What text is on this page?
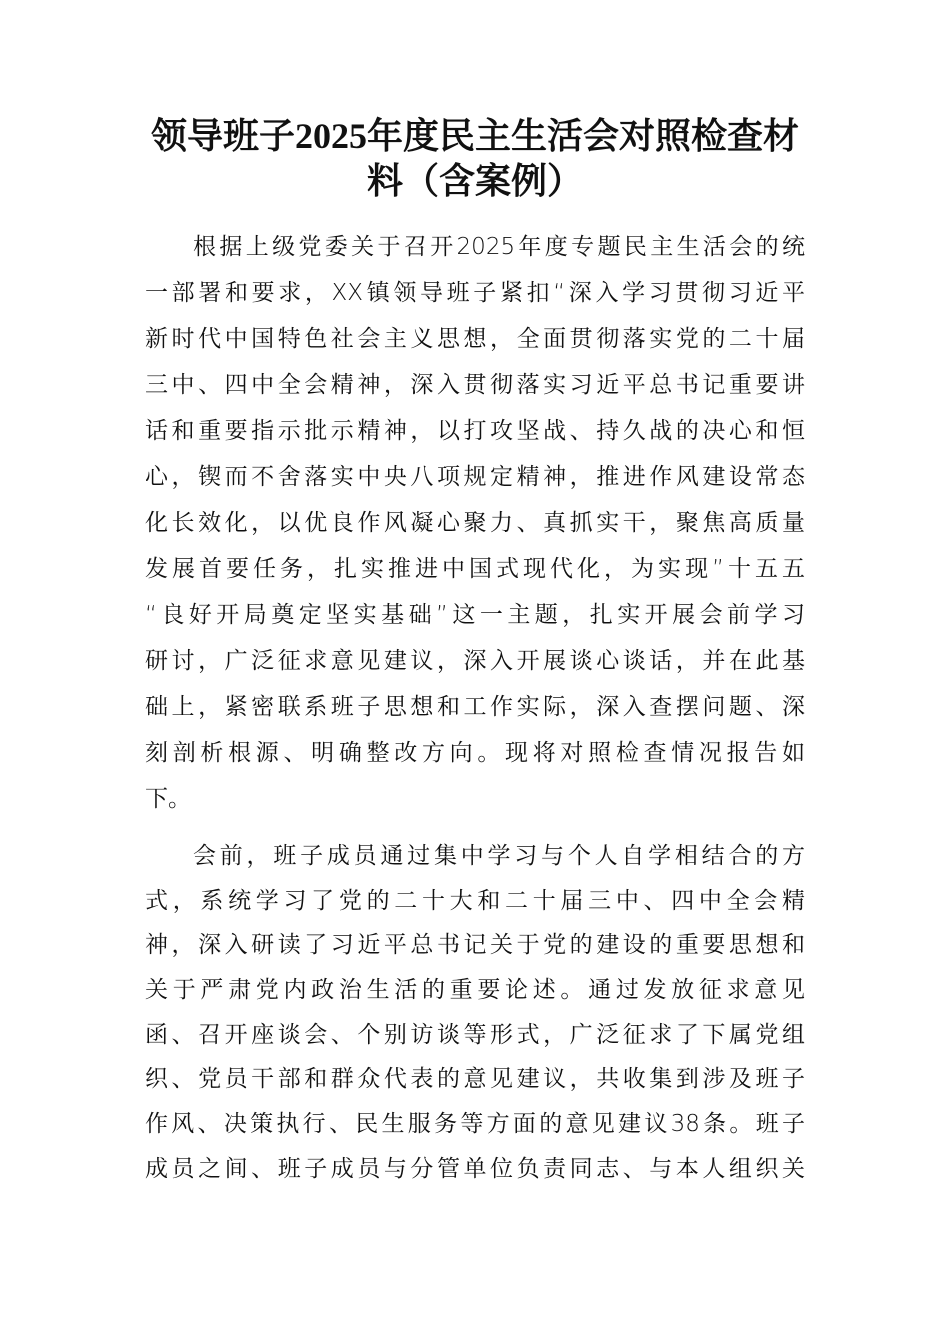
领导班子2025年度民主生活会对照检查材
料（含案例）
根据上级党委关于召开2025年度专题民主生活会的统
一部署和要求，XX镇领导班子紧扣“深入学习贯彻习近平
新时代中国特色社会主义思想，全面贯彻落实党的二十届
三中、四中全会精神，深入贯彻落实习近平总书记重要讲
话和重要指示批示精神，以打攻坚战、持久战的决心和恒
心，锲而不舍落实中央八项规定精神，推进作风建设常态
化长效化，以优良作风凝心聚力、真抓实干，聚焦高质量
发展首要任务，扎实推进中国式现代化，为实现”十五五
“良好开局奠定坚实基础”这一主题，扎实开展会前学习
研讨，广泛征求意见建议，深入开展谈心谈话，并在此基
础上，紧密联系班子思想和工作实际，深入查摆问题、深
刻剖析根源、明确整改方向。现将对照检查情况报告如
下。
会前，班子成员通过集中学习与个人自学相结合的方
式，系统学习了党的二十大和二十届三中、四中全会精
神，深入研读了习近平总书记关于党的建设的重要思想和
关于严肃党内政治生活的重要论述。通过发放征求意见
函、召开座谈会、个别访谈等形式，广泛征求了下属党组
织、党员干部和群众代表的意见建议，共收集到涉及班子
作风、决策执行、民生服务等方面的意见建议38条。班子
成员之间、班子成员与分管单位负责同志、与本人组织关
